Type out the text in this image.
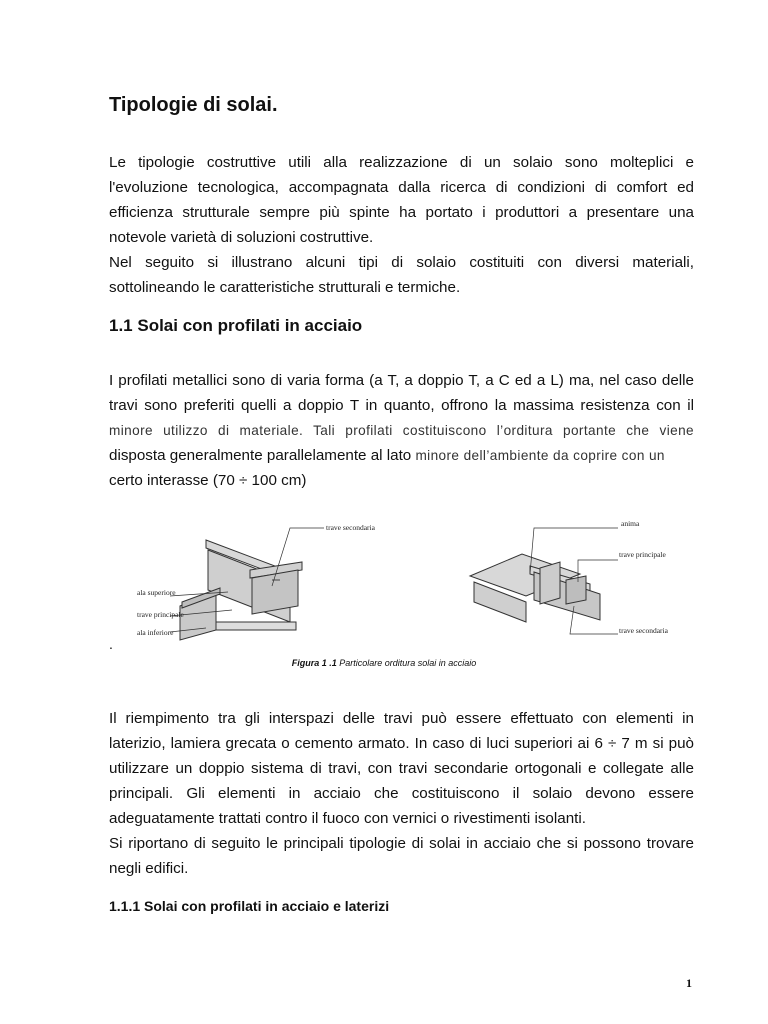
Tipologie di solai.
Le tipologie costruttive utili alla realizzazione di un solaio sono molteplici e
l'evoluzione tecnologica, accompagnata dalla ricerca di condizioni di comfort ed
efficienza strutturale sempre più spinte ha portato i produttori a presentare una
notevole varietà di soluzioni costruttive.
Nel seguito si illustrano alcuni tipi di solaio costituiti con diversi materiali,
sottolineando le caratteristiche strutturali e termiche.
1.1 Solai con profilati in acciaio
I profilati metallici sono di varia forma (a T, a doppio T, a C ed a L) ma, nel caso delle
travi sono preferiti quelli a doppio T in quanto, offrono la massima resistenza con il
minore utilizzo di materiale. Tali profilati costituiscono l’orditura portante che viene
disposta generalmente parallelamente al lato minore dell’ambiente da coprire con un
certo interasse (70 ÷ 100 cm)
trave secondaria
ala superiore
trave principale
ala inferiore
anima
trave principale
trave secondaria
.
Figura 1 .1 Particolare orditura solai in acciaio
Il riempimento tra gli interspazi delle travi può essere effettuato con elementi in
laterizio, lamiera grecata o cemento armato. In caso di luci superiori ai 6 ÷ 7 m si può
utilizzare un doppio sistema di travi, con travi secondarie ortogonali e collegate alle
principali. Gli elementi in acciaio che costituiscono il solaio devono essere
adeguatamente trattati contro il fuoco con vernici o rivestimenti isolanti.
Si riportano di seguito le principali tipologie di solai in acciaio che si possono trovare
negli edifici.
1.1.1 Solai con profilati in acciaio e laterizi
1
